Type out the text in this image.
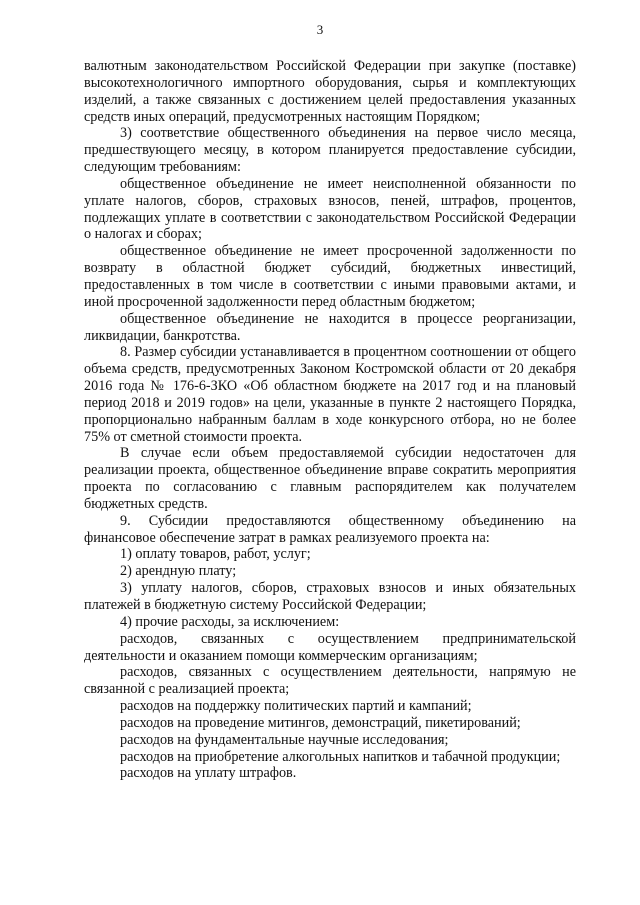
3

валютным законодательством Российской Федерации при закупке (поставке) высокотехнологичного импортного оборудования, сырья и комплектующих изделий, а также связанных с достижением целей предоставления указанных средств иных операций, предусмотренных настоящим Порядком;

3) соответствие общественного объединения на первое число месяца, предшествующего месяцу, в котором планируется предоставление субсидии, следующим требованиям:

общественное объединение не имеет неисполненной обязанности по уплате налогов, сборов, страховых взносов, пеней, штрафов, процентов, подлежащих уплате в соответствии с законодательством Российской Федерации о налогах и сборах;

общественное объединение не имеет просроченной задолженности по возврату в областной бюджет субсидий, бюджетных инвестиций, предоставленных в том числе в соответствии с иными правовыми актами, и иной просроченной задолженности перед областным бюджетом;

общественное объединение не находится в процессе реорганизации, ликвидации, банкротства.

8. Размер субсидии устанавливается в процентном соотношении от общего объема средств, предусмотренных Законом Костромской области от 20 декабря 2016 года № 176-6-ЗКО «Об областном бюджете на 2017 год и на плановый период 2018 и 2019 годов» на цели, указанные в пункте 2 настоящего Порядка, пропорционально набранным баллам в ходе конкурсного отбора, но не более 75% от сметной стоимости проекта.

В случае если объем предоставляемой субсидии недостаточен для реализации проекта, общественное объединение вправе сократить мероприятия проекта по согласованию с главным распорядителем как получателем бюджетных средств.

9. Субсидии предоставляются общественному объединению на финансовое обеспечение затрат в рамках реализуемого проекта на:

1) оплату товаров, работ, услуг;

2) арендную плату;

3) уплату налогов, сборов, страховых взносов и иных обязательных платежей в бюджетную систему Российской Федерации;

4) прочие расходы, за исключением:

расходов, связанных с осуществлением предпринимательской деятельности и оказанием помощи коммерческим организациям;

расходов, связанных с осуществлением деятельности, напрямую не связанной с реализацией проекта;

расходов на поддержку политических партий и кампаний;

расходов на проведение митингов, демонстраций, пикетирований;

расходов на фундаментальные научные исследования;

расходов на приобретение алкогольных напитков и табачной продукции;

расходов на уплату штрафов.
